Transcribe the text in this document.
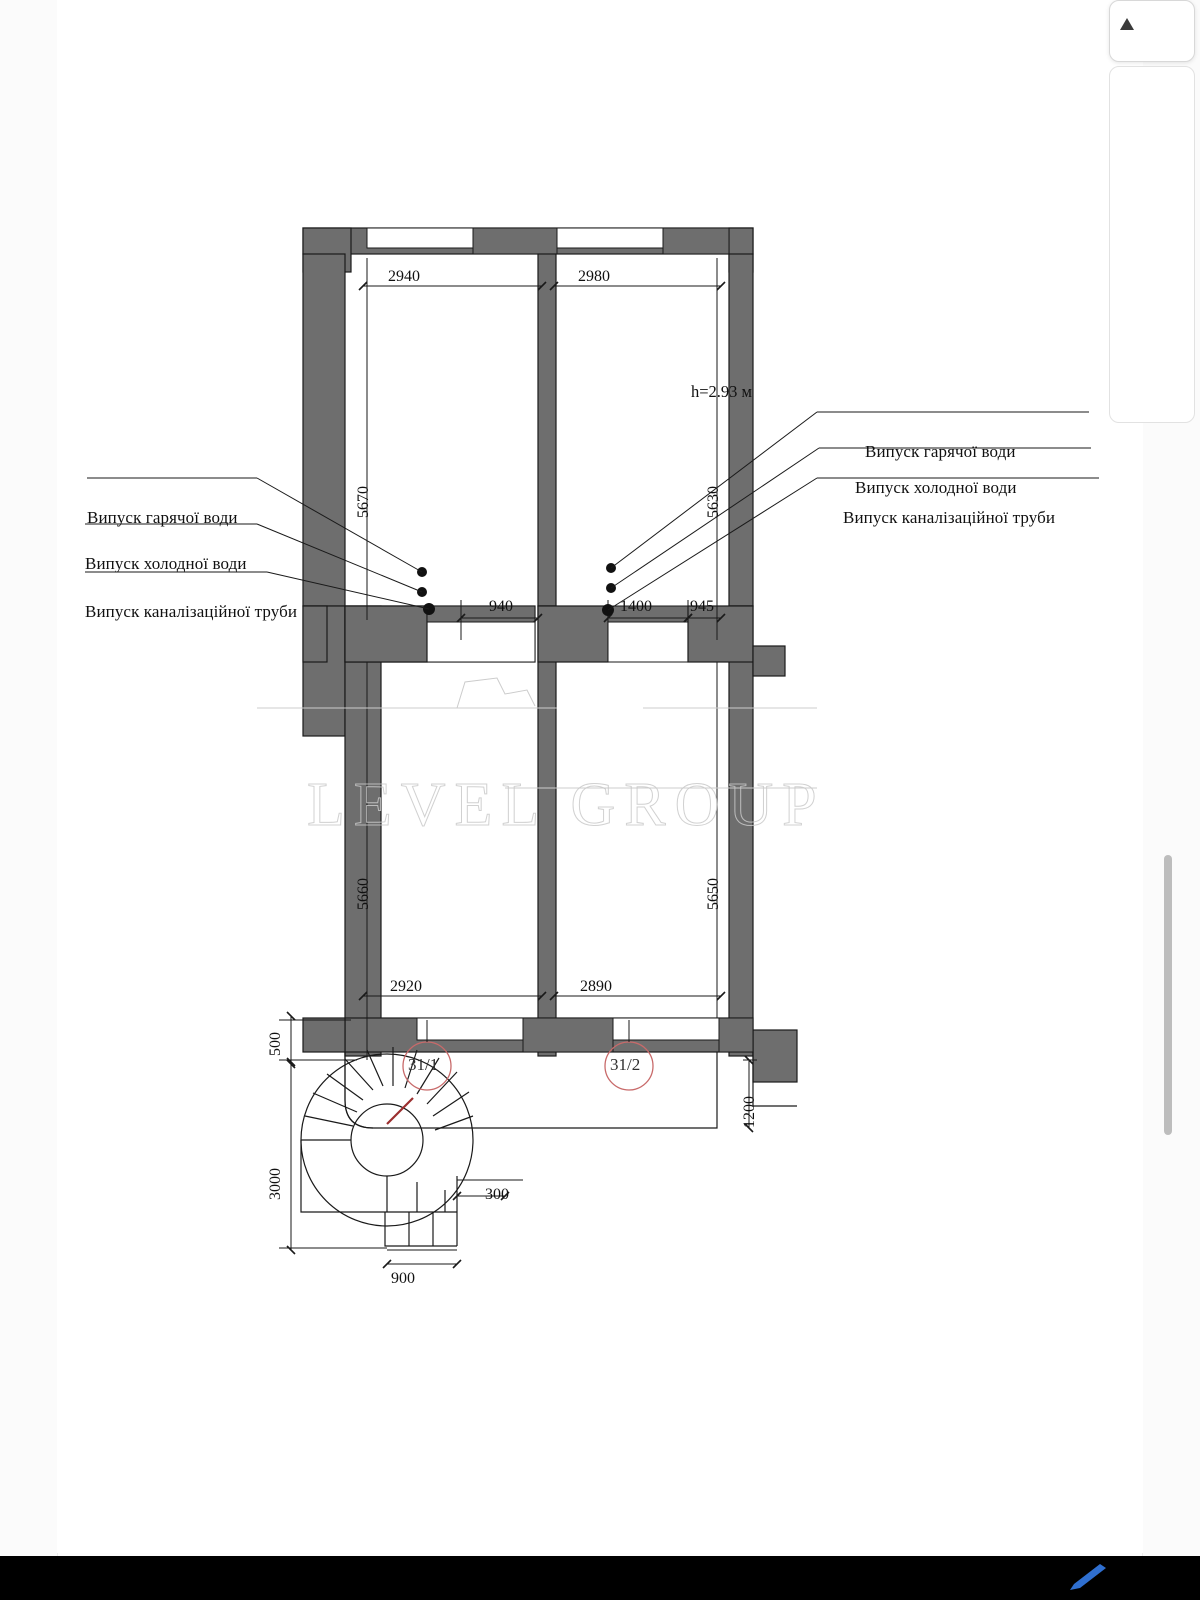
2940	2980
2920	2890
940	1400 945
5670	5630
5660	5650
500
3000	300
900
1200
h=2.93 м
Випуск гарячої води
Випуск холодної води
Випуск каналізаційної труби
Випуск гарячої води
Випуск холодної води
Випуск каналізаційної труби
31/1	31/2
LEVEL GROUP
